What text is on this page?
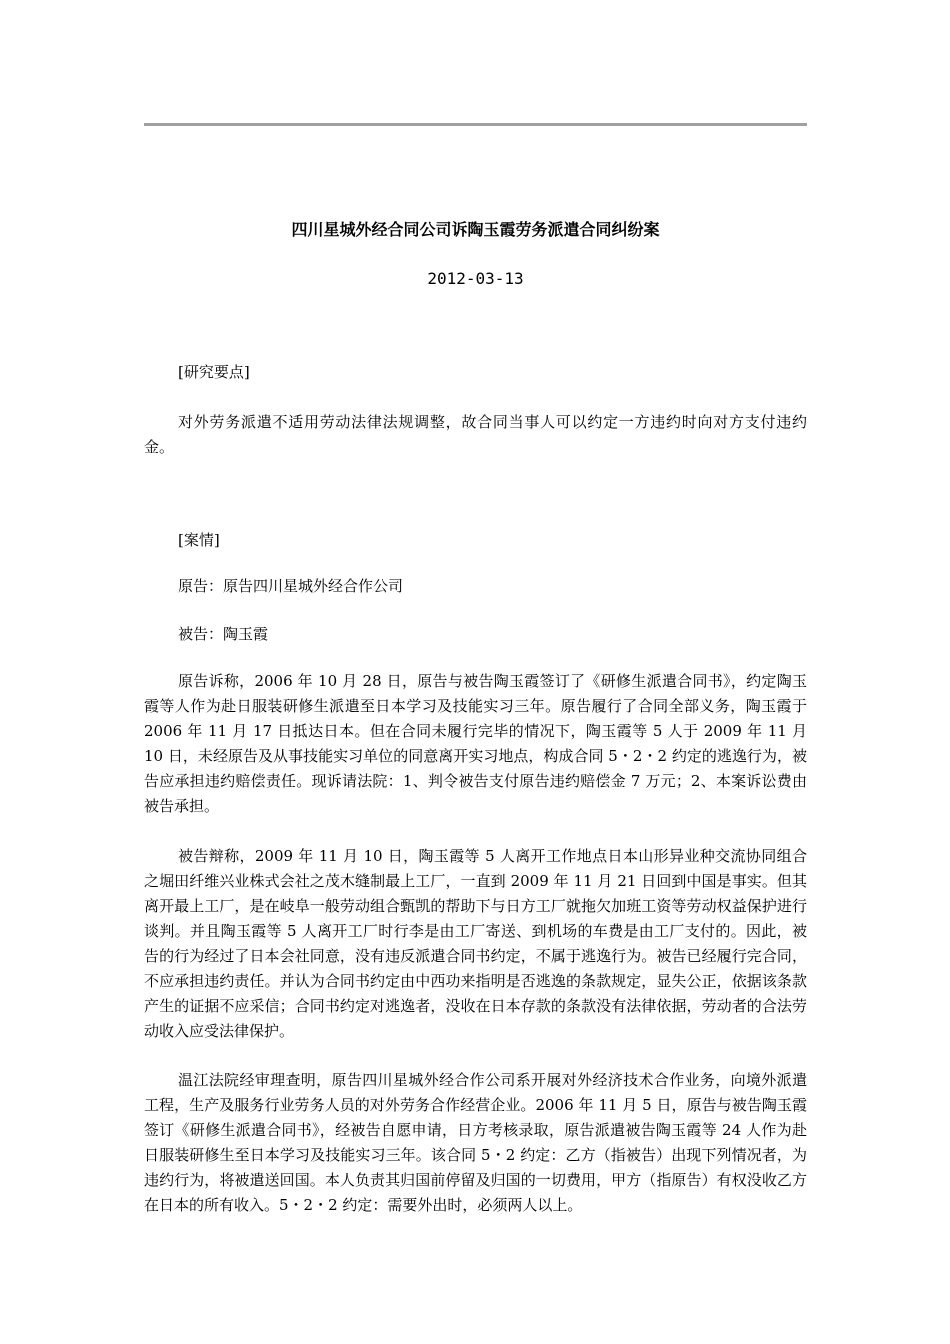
四川星城外经合同公司诉陶玉霞劳务派遣合同纠纷案
2012-03-13
[研究要点]
对外劳务派遣不适用劳动法律法规调整，故合同当事人可以约定一方违约时向对方支付违约金。
[案情]
原告：原告四川星城外经合作公司
被告：陶玉霞
原告诉称，2006 年 10 月 28 日，原告与被告陶玉霞签订了《研修生派遣合同书》，约定陶玉霞等人作为赴日服装研修生派遣至日本学习及技能实习三年。原告履行了合同全部义务，陶玉霞于 2006 年 11 月 17 日抵达日本。但在合同未履行完毕的情况下，陶玉霞等 5 人于 2009 年 11 月 10 日，未经原告及从事技能实习单位的同意离开实习地点，构成合同 5・2・2 约定的逃逸行为，被告应承担违约赔偿责任。现诉请法院：1、判令被告支付原告违约赔偿金 7 万元；2、本案诉讼费由被告承担。
被告辩称，2009 年 11 月 10 日，陶玉霞等 5 人离开工作地点日本山形异业种交流协同组合之堀田纤维兴业株式会社之茂木缝制最上工厂，一直到 2009 年 11 月 21 日回到中国是事实。但其离开最上工厂，是在岐阜一般劳动组合甄凯的帮助下与日方工厂就拖欠加班工资等劳动权益保护进行谈判。并且陶玉霞等 5 人离开工厂时行李是由工厂寄送、到机场的车费是由工厂支付的。因此，被告的行为经过了日本会社同意，没有违反派遣合同书约定，不属于逃逸行为。被告已经履行完合同，不应承担违约责任。并认为合同书约定由中西功来指明是否逃逸的条款规定，显失公正，依据该条款产生的证据不应采信；合同书约定对逃逸者，没收在日本存款的条款没有法律依据，劳动者的合法劳动收入应受法律保护。
温江法院经审理查明，原告四川星城外经合作公司系开展对外经济技术合作业务，向境外派遣工程，生产及服务行业劳务人员的对外劳务合作经营企业。2006 年 11 月 5 日，原告与被告陶玉霞签订《研修生派遣合同书》，经被告自愿申请，日方考核录取，原告派遣被告陶玉霞等 24 人作为赴日服装研修生至日本学习及技能实习三年。该合同 5・2 约定：乙方（指被告）出现下列情况者，为违约行为，将被遣送回国。本人负责其归国前停留及归国的一切费用，甲方（指原告）有权没收乙方在日本的所有收入。5・2・2 约定：需要外出时，必须两人以上。
